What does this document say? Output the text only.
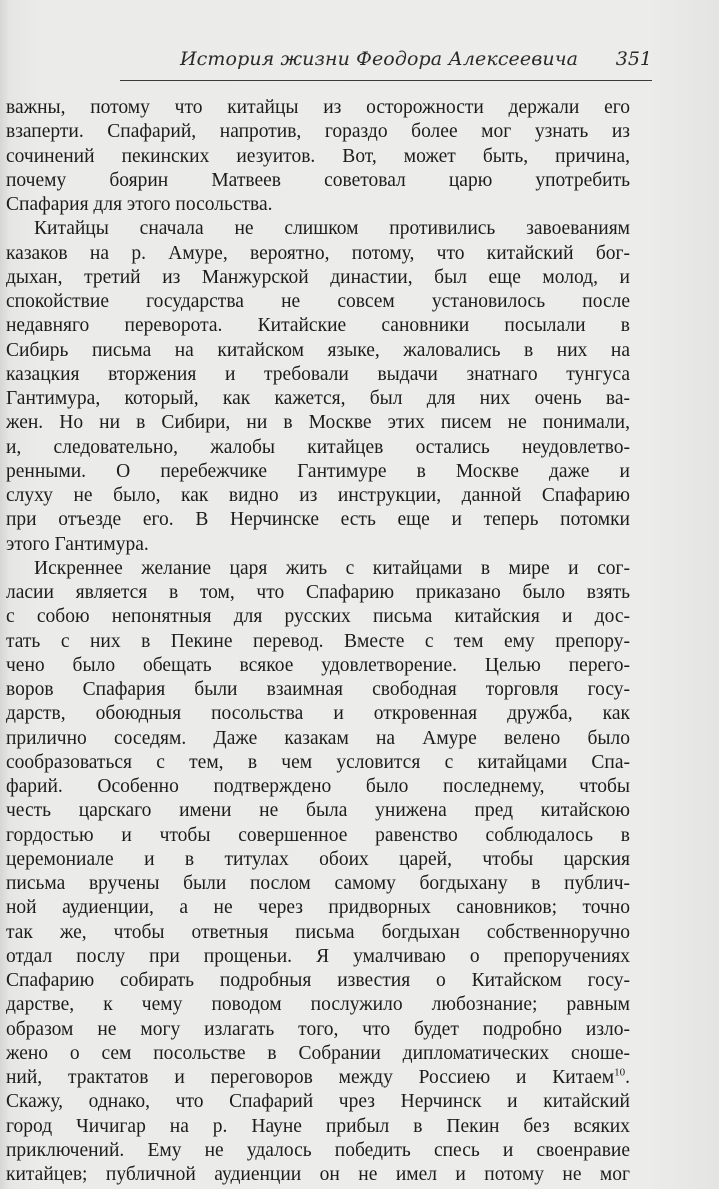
История жизни Феодора Алексеевича 351
важны, потому что китайцы из осторожности держали его
взаперти. Спафарий, напротив, гораздо более мог узнать из
сочинений пекинских иезуитов. Вот, может быть, причина,
почему боярин Матвеев советовал царю употребить
Спафария для этого посольства.
Китайцы сначала не слишком противились завоеваниям
казаков на р. Амуре, вероятно, потому, что китайский бог-
дыхан, третий из Манжурской династии, был еще молод, и
спокойствие государства не совсем установилось после
недавняго переворота. Китайские сановники посылали в
Сибирь письма на китайском языке, жаловались в них на
казацкия вторжения и требовали выдачи знатнаго тунгуса
Гантимура, который, как кажется, был для них очень ва-
жен. Но ни в Сибири, ни в Москве этих писем не понимали,
и, следовательно, жалобы китайцев остались неудовлетво-
ренными. О перебежчике Гантимуре в Москве даже и
слуху не было, как видно из инструкции, данной Спафарию
при отъезде его. В Нерчинске есть еще и теперь потомки
этого Гантимура.
Искреннее желание царя жить с китайцами в мире и сог-
ласии является в том, что Спафарию приказано было взять
с собою непонятныя для русских письма китайския и дос-
тать с них в Пекине перевод. Вместе с тем ему препору-
чено было обещать всякое удовлетворение. Целью перего-
воров Спафария были взаимная свободная торговля госу-
дарств, обоюдныя посольства и откровенная дружба, как
прилично соседям. Даже казакам на Амуре велено было
сообразоваться с тем, в чем условится с китайцами Спа-
фарий. Особенно подтверждено было последнему, чтобы
честь царскаго имени не была унижена пред китайскою
гордостью и чтобы совершенное равенство соблюдалось в
церемониале и в титулах обоих царей, чтобы царския
письма вручены были послом самому богдыхану в публич-
ной аудиенции, а не через придворных сановников; точно
так же, чтобы ответныя письма богдыхан собственноручно
отдал послу при прощеньи. Я умалчиваю о препоручениях
Спафарию собирать подробныя известия о Китайском госу-
дарстве, к чему поводом послужило любознание; равным
образом не могу излагать того, что будет подробно изло-
жено о сем посольстве в Собрании дипломатических сноше-
ний, трактатов и переговоров между Россиею и Китаем$^{10}$.
Скажу, однако, что Спафарий чрез Нерчинск и китайский
город Чичигар на р. Науне прибыл в Пекин без всяких
приключений. Ему не удалось победить спесь и своенравие
китайцев; публичной аудиенции он не имел и потому не мог
